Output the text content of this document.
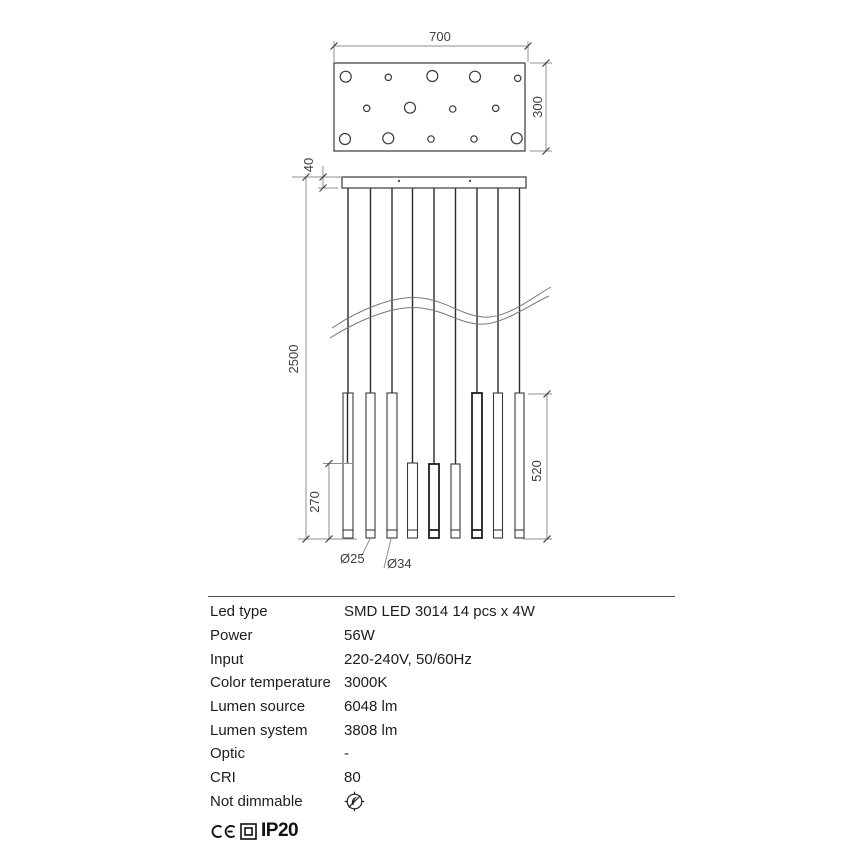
700
300
40
2500
270
520
Ø25 Ø34
Led type	SMD LED 3014 14 pcs x 4W
Power	56W
Input	220-240V, 50/60Hz
Color temperature 3000K
Lumen source	6048 lm
Lumen system	3808 lm
Optic	-
CRI	80
Not dimmable
IP20
